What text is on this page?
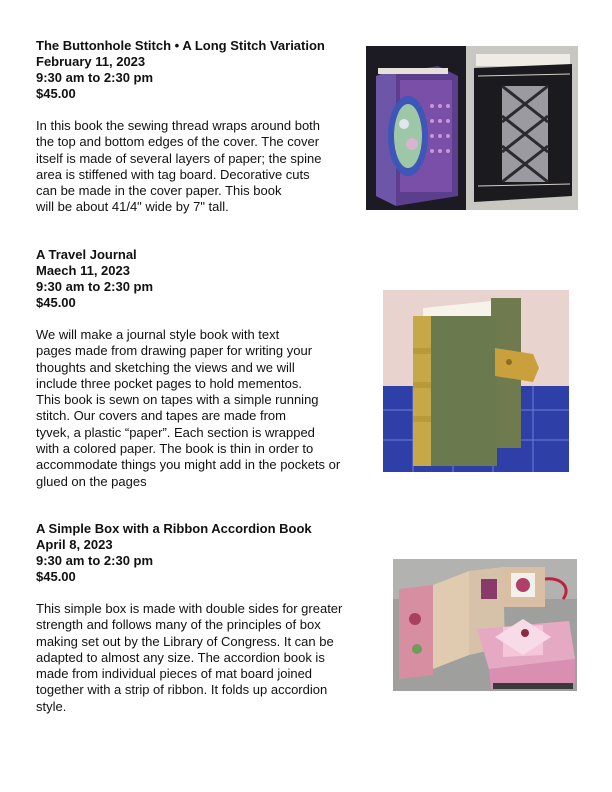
The Buttonhole Stitch • A Long Stitch Variation
February 11, 2023
9:30 am to 2:30 pm
$45.00
In this book the sewing thread wraps around both
the top and bottom edges of the cover. The cover
itself is made of several layers of paper; the spine
area is stiffened with tag board. Decorative cuts
can be made in the cover paper. This book
will be about 41/4" wide by 7" tall.
A Travel Journal
Maech 11, 2023
9:30 am to 2:30 pm
$45.00
We will make a journal style book with text
pages made from drawing paper for writing your
thoughts and sketching the views and we will
include three pocket pages to hold mementos.
This book is sewn on tapes with a simple running
stitch. Our covers and tapes are made from
tyvek, a plastic “paper”. Each section is wrapped
with a colored paper. The book is thin in order to
accommodate things you might add in the pockets or
glued on the pages
A Simple Box with a Ribbon Accordion Book
April 8, 2023
9:30 am to 2:30 pm
$45.00
This simple box is made with double sides for greater
strength and follows many of the principles of box
making set out by the Library of Congress. It can be
adapted to almost any size. The accordion book is
made from individual pieces of mat board joined
together with a strip of ribbon. It folds up accordion
style.
